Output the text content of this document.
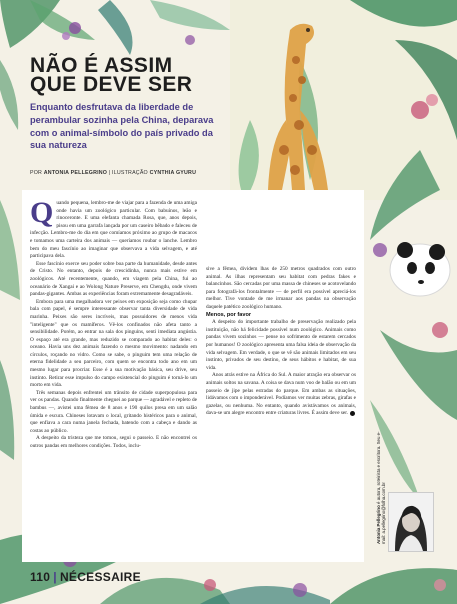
NÃO É ASSIM
QUE DEVE SER

Enquanto desfrutava da liberdade de perambular sozinha pela China, deparava com o animal-símbolo do país privado da sua natureza

POR ANTONIA PELLEGRINO | ILUSTRAÇÃO CYNTHIA GYURU

Quando pequena, lembro-me de viajar para a fazenda de uma amiga onde havia um zoológico particular. Com babuínos, leão e rinoceronte. E uma elefanta chamada Rosa, que, anos depois, pisou em uma garrafa lançada por um caseiro bêbado e faleceu de infecção. Lembro-me do dia em que comíamos próximo ao grupo de macacos e tomamos uma carteira dos animais — queríamos roubar o lanche. Lembro bem do meu fascínio ao imaginar que observava a vida selvagem, e até participava dela.

Esse fascínio exerce seu poder sobre boa parte da humanidade, desde antes de Cristo. No entanto, depois de crescidinha, nunca mais estive em zoológicos. Até recentemente, quando, em viagem pela China, fui ao oceanário de Xangai e ao Wolong Nature Preserve, em Chengdu, onde vivem pandas-gigantes. Ambas as experiências foram extremamente desagradáveis.

Embora para uma megalhadora ver peixes em exposição seja como chupar bala com papel, é sempre interessante observar tanta diversidade de vida marinha. Peixes são seres incríveis, mas possuidores de menos vida "inteligente" que os mamíferos. Vê-los confinados não afeta tanto a sensibilidade. Porém, ao entrar na sala dos pinguins, senti imediata angústia. O espaço até era grande, mas reduzido se comparado ao habitat deles: o oceano. Havia uns dez animais fazendo o mesmo movimento: nadando em círculos, roçando no vidro. Como se sabe, o pinguim tem uma relação de eterna fidelidade a seu parceiro, com quem se encontra todo ano em um mesmo lugar para procriar. Esse é a sua motivação básica, seu drive, seu instinto. Retirar esse impulso do campo existencial do pinguim é torná-lo um morto em vida.

Três semanas depois enfrentei um trânsito de cidade superpopulosa para ver os pandas. Quando finalmente cheguei ao parque — agradável e repleto de bambus —, avistei uma fêmea de 8 anos e 190 quilos presa em um salão úmida e escura. Chineses lotavam o local, gritando histéricos para o animal, que enfiava a cara numa janela fechada, batendo com a cabeça e dando as costas ao público.

A despeito da tristeza que me tomou, segui o passeio. E não encontrei os outros pandas em melhores condições. Todos, inclu-

sive a fêmea, dividem lhas de 250 metros quadrados com outro animal. As ilhas representam seu habitat com pedras fakes e balancinhos. São cercadas por uma massa de chineses se acotovelando para fotografá-los frontalmente — de perfil era possível apreciá-los melhor. Tive vontade de me irmanar aos pandas na observação daquele patético zoológico humano.

Menos, por favor

A despeito do importante trabalho de preservação realizado pela instituição, não há felicidade possível num zoológico. Animais como pandas vivem sozinhos — pense no sofrimento de estarem cercados por humanos! O zoológico apresenta uma falsa ideia de observação da vida selvagem. Em verdade, o que se vê são animais limitados em seu instinto, privados de seu destino, de seus hábitos e habitat, de sua vida.

Anos atrás estive na África do Sul. A maior atração era observar os animais soltos na savana. A coisa se dava num voo de balão ou em um passeio de jipe pelas estradas do parque. Em ambas as situações, lidávamos com o imponderável. Podíamos ver muitas zebras, girafas e gazelas, ou nenhuma. No entanto, quando avistávamos os animais, dava-se um alegre encontro entre criaturas livres. É assim deve ser.

Antonia Pellegrino é autora, roteirista e escritora. Seu e-mail: a.pellegrino@folha.com.br
110 | NÉCESSAIRE
